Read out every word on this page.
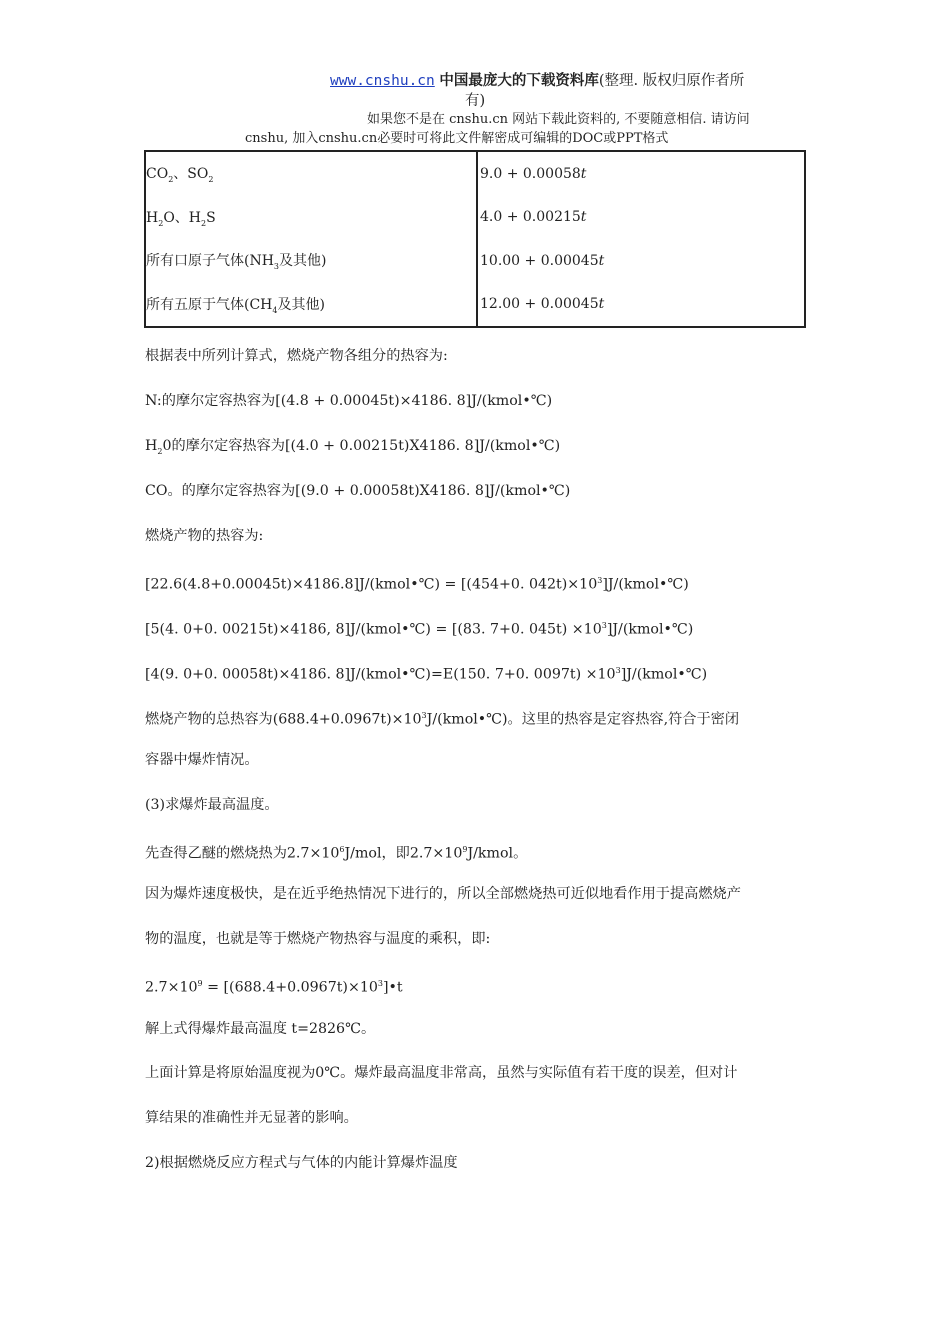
www.cnshu.cn 中国最庞大的下载资料库(整理. 版权归原作者所
有)
如果您不是在 cnshu.cn 网站下载此资料的, 不要随意相信. 请访问
cnshu, 加入cnshu.cn必要时可将此文件解密成可编辑的DOC或PPT格式
$CO_2$、$SO_2$	9.0 + 0.00058t
$H_2O$、$H_2S$	4.0 + 0.00215t
所有口原子气体($NH_3$及其他)	10.00 + 0.00045t
所有五原于气体($CH_4$及其他)	12.00 + 0.00045t
根据表中所列计算式，燃烧产物各组分的热容为:
N:的摩尔定容热容为[(4.8 + 0.00045t)×4186. 8]J/(kmol•℃)
$H_20$的摩尔定容热容为[(4.0 + 0.00215t)X4186. 8]J/(kmol•℃)
CO。的摩尔定容热容为[(9.0 + 0.00058t)X4186. 8]J/(kmol•℃)
燃烧产物的热容为:
[22.6(4.8+0.00045t)×4186.8]J/(kmol•℃) = [(454+0. $042t)\times 10^3]J/(kmol•℃)$
[5(4. 0+0. 00215t)×4186, 8]J/(kmol•℃) = [(83. 7+0. $045t) \times 10^3]J/(kmol•℃)$
[4(9. 0+0. 00058t)×4186. 8]J/(kmol•℃)=E(150. 7+0. $0097t) \times 10^3]J/(kmol•℃)$
燃烧产物的总热容为$(688.4+0.0967t)\times 10^3J/(kmol•℃)$。这里的热容是定容热容,符合于密闭
容器中爆炸情况。
(3)求爆炸最高温度。
先查得乙醚的燃烧热为$2.7\times 10^6J$/mol，即$2.7\times 10^9J$/kmol。
因为爆炸速度极快，是在近乎绝热情况下进行的，所以全部燃烧热可近似地看作用于提高燃烧产
物的温度，也就是等于燃烧产物热容与温度的乘积，即:
$2.7\times 10^9$ = $[(688.4+0.0967t)\times 10^3]•t$
解上式得爆炸最高温度 t=2826℃。
上面计算是将原始温度视为0℃。爆炸最高温度非常高，虽然与实际值有若干度的误差，但对计
算结果的准确性并无显著的影响。
2)根据燃烧反应方程式与气体的内能计算爆炸温度
